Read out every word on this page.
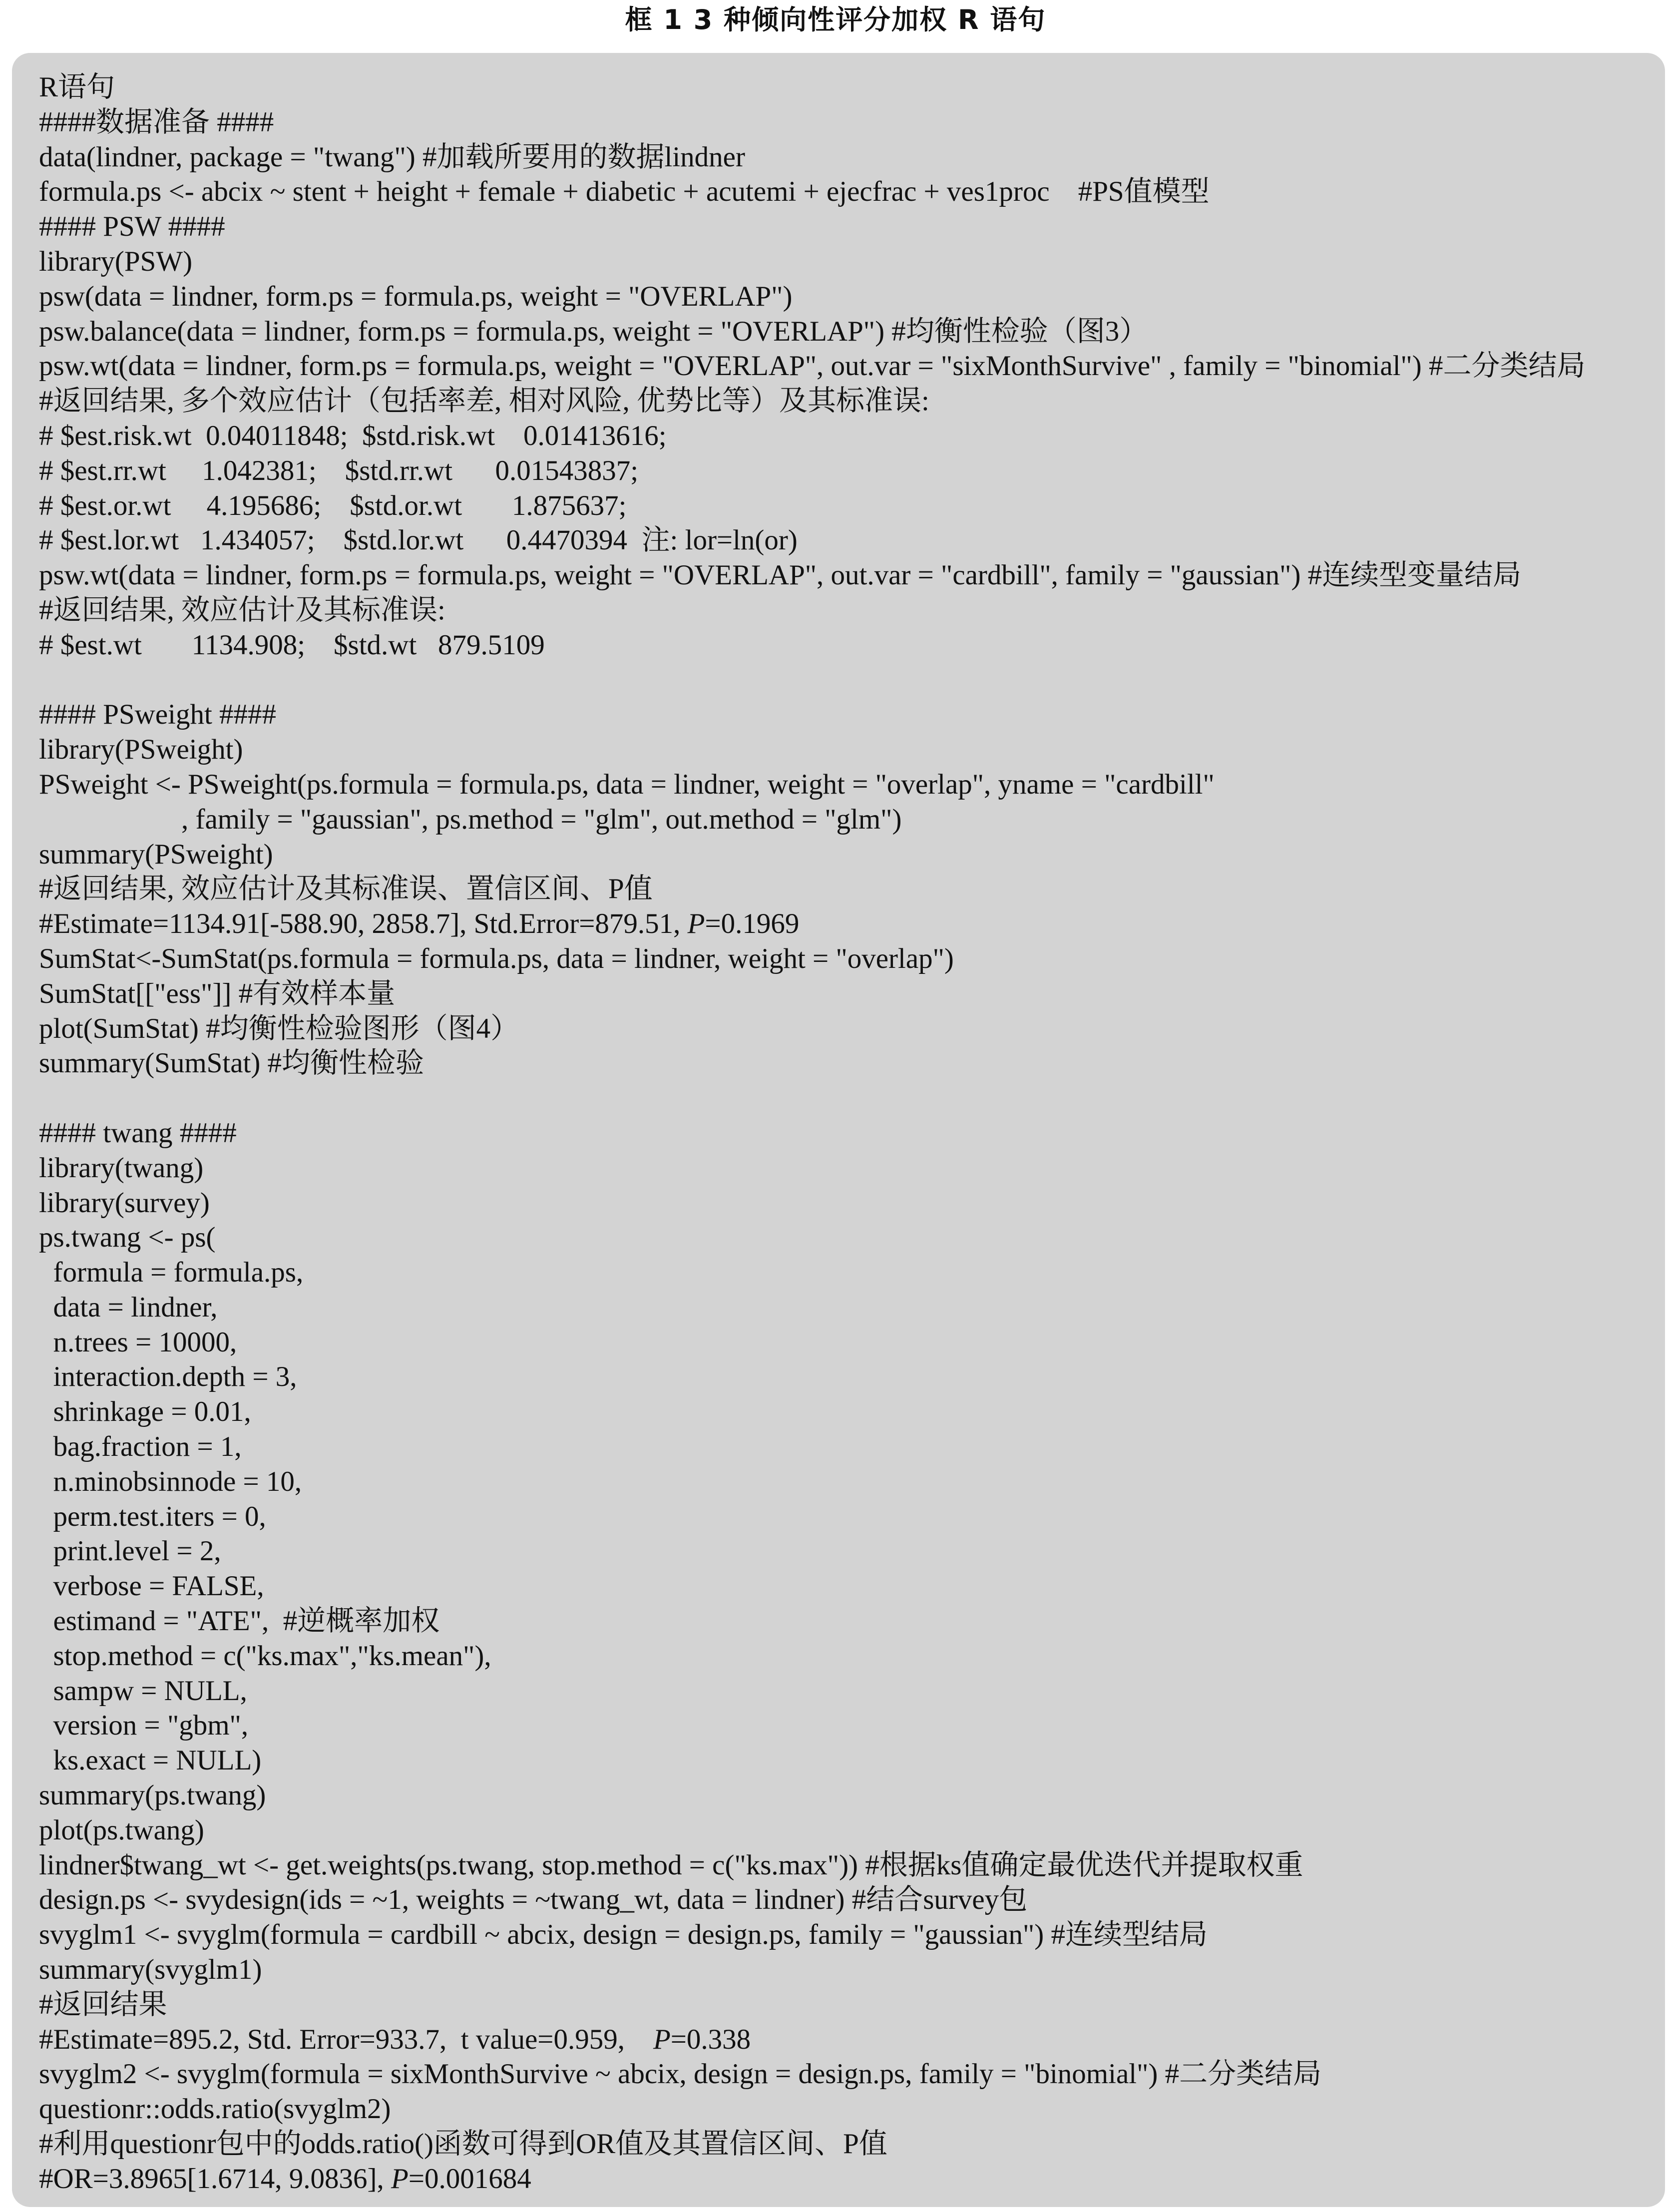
框 1 3 种倾向性评分加权 R 语句
R语句
####数据准备 ####
data(lindner, package = "twang") #加载所要用的数据lindner
formula.ps <- abcix ~ stent + height + female + diabetic + acutemi + ejecfrac + ves1proc    #PS值模型
#### PSW ####
library(PSW)
psw(data = lindner, form.ps = formula.ps, weight = "OVERLAP")
psw.balance(data = lindner, form.ps = formula.ps, weight = "OVERLAP") #均衡性检验（图3）
psw.wt(data = lindner, form.ps = formula.ps, weight = "OVERLAP", out.var = "sixMonthSurvive" , family = "binomial") #二分类结局
#返回结果, 多个效应估计（包括率差, 相对风险, 优势比等）及其标准误:
# $est.risk.wt  0.04011848;  $std.risk.wt    0.01413616;
# $est.rr.wt     1.042381;    $std.rr.wt      0.01543837;
# $est.or.wt     4.195686;    $std.or.wt       1.875637;
# $est.lor.wt   1.434057;    $std.lor.wt      0.4470394  注: lor=ln(or)
psw.wt(data = lindner, form.ps = formula.ps, weight = "OVERLAP", out.var = "cardbill", family = "gaussian") #连续型变量结局
#返回结果, 效应估计及其标准误:
# $est.wt       1134.908;    $std.wt   879.5109

#### PSweight ####
library(PSweight)
PSweight <- PSweight(ps.formula = formula.ps, data = lindner, weight = "overlap", yname = "cardbill"
, family = "gaussian", ps.method = "glm", out.method = "glm")
summary(PSweight)
#返回结果, 效应估计及其标准误、置信区间、P值
#Estimate=1134.91[-588.90, 2858.7], Std.Error=879.51, P=0.1969
SumStat<-SumStat(ps.formula = formula.ps, data = lindner, weight = "overlap")
SumStat[["ess"]] #有效样本量
plot(SumStat) #均衡性检验图形（图4）
summary(SumStat) #均衡性检验

#### twang ####
library(twang)
library(survey)
ps.twang <- ps(
formula = formula.ps,
data = lindner,
n.trees = 10000,
interaction.depth = 3,
shrinkage = 0.01,
bag.fraction = 1,
n.minobsinnode = 10,
perm.test.iters = 0,
print.level = 2,
verbose = FALSE,
estimand = "ATE",  #逆概率加权
stop.method = c("ks.max","ks.mean"),
sampw = NULL,
version = "gbm",
ks.exact = NULL)
summary(ps.twang)
plot(ps.twang)
lindner$twang_wt <- get.weights(ps.twang, stop.method = c("ks.max")) #根据ks值确定最优迭代并提取权重
design.ps <- svydesign(ids = ~1, weights = ~twang_wt, data = lindner) #结合survey包
svyglm1 <- svyglm(formula = cardbill ~ abcix, design = design.ps, family = "gaussian") #连续型结局
summary(svyglm1)
#返回结果
#Estimate=895.2, Std. Error=933.7,  t value=0.959,    P=0.338
svyglm2 <- svyglm(formula = sixMonthSurvive ~ abcix, design = design.ps, family = "binomial") #二分类结局
questionr::odds.ratio(svyglm2)
#利用questionr包中的odds.ratio()函数可得到OR值及其置信区间、P值
#OR=3.8965[1.6714, 9.0836], P=0.001684
